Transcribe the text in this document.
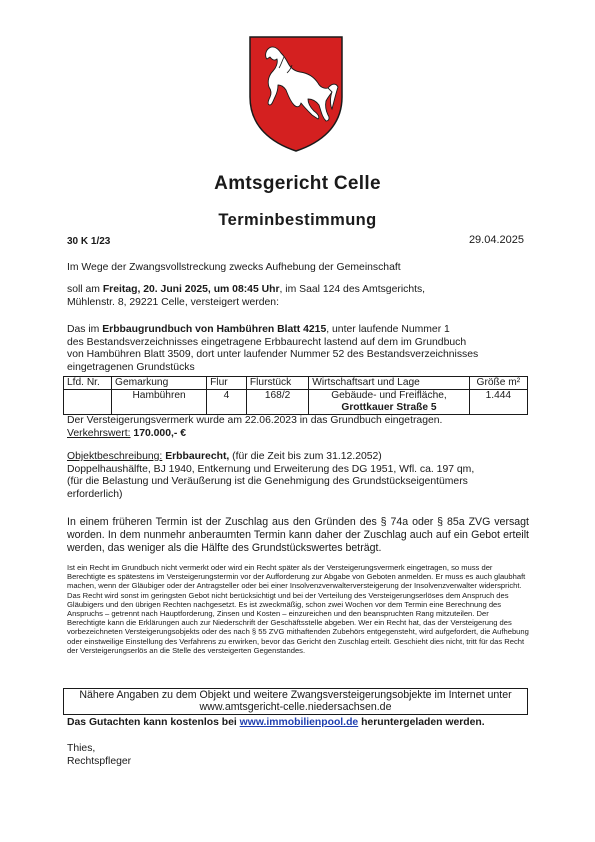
Amtsgericht Celle
Terminbestimmung
30 K 1/23	29.04.2025
Im Wege der Zwangsvollstreckung zwecks Aufhebung der Gemeinschaft
soll am Freitag, 20. Juni 2025, um 08:45 Uhr, im Saal 124 des Amtsgerichts,
Mühlenstr. 8, 29221 Celle, versteigert werden:
Das im Erbbaugrundbuch von Hambühren Blatt 4215, unter laufende Nummer 1
des Bestandsverzeichnisses eingetragene Erbbaurecht lastend auf dem im Grundbuch
von Hambühren Blatt 3509, dort unter laufender Nummer 52 des Bestandsverzeichnisses
eingetragenen Grundstücks
Lfd. Nr.	Gemarkung	Flur	Flurstück	Wirtschaftsart und Lage	Größe m²
	Hambühren	4	168/2	Gebäude- und Freifläche,
Grottkauer Straße 5	1.444
Der Versteigerungsvermerk wurde am 22.06.2023 in das Grundbuch eingetragen.
Verkehrswert: 170.000,- €
Objektbeschreibung: Erbbaurecht, (für die Zeit bis zum 31.12.2052)
Doppelhaushälfte, BJ 1940, Entkernung und Erweiterung des DG 1951, Wfl. ca. 197 qm,
(für die Belastung und Veräußerung ist die Genehmigung des Grundstückseigentümers
erforderlich)
In einem früheren Termin ist der Zuschlag aus den Gründen des § 74a oder § 85a ZVG versagt worden. In dem nunmehr anberaumten Termin kann daher der Zuschlag auch auf ein Gebot erteilt werden, das weniger als die Hälfte des Grundstückswertes beträgt.
Ist ein Recht im Grundbuch nicht vermerkt oder wird ein Recht später als der Versteigerungsvermerk eingetragen, so muss der Berechtigte es spätestens im Versteigerungstermin vor der Aufforderung zur Abgabe von Geboten anmelden. Er muss es auch glaubhaft machen, wenn der Gläubiger oder der Antragsteller oder bei einer Insolvenzverwalterversteigerung der Insolvenzverwalter widerspricht. Das Recht wird sonst im geringsten Gebot nicht berücksichtigt und bei der Verteilung des Versteigerungserlöses dem Anspruch des Gläubigers und den übrigen Rechten nachgesetzt. Es ist zweckmäßig, schon zwei Wochen vor dem Termin eine Berechnung des Anspruchs – getrennt nach Hauptforderung, Zinsen und Kosten – einzureichen und den beanspruchten Rang mitzuteilen. Der Berechtigte kann die Erklärungen auch zur Niederschrift der Geschäftsstelle abgeben. Wer ein Recht hat, das der Versteigerung des vorbezeichneten Versteigerungsobjekts oder des nach § 55 ZVG mithaftenden Zubehörs entgegensteht, wird aufgefordert, die Aufhebung oder einstweilige Einstellung des Verfahrens zu erwirken, bevor das Gericht den Zuschlag erteilt. Geschieht dies nicht, tritt für das Recht der Versteigerungserlös an die Stelle des versteigerten Gegenstandes.
Nähere Angaben zu dem Objekt und weitere Zwangsversteigerungsobjekte im Internet unter
www.amtsgericht-celle.niedersachsen.de
Das Gutachten kann kostenlos bei www.immobilienpool.de heruntergeladen werden.
Thies,
Rechtspfleger
